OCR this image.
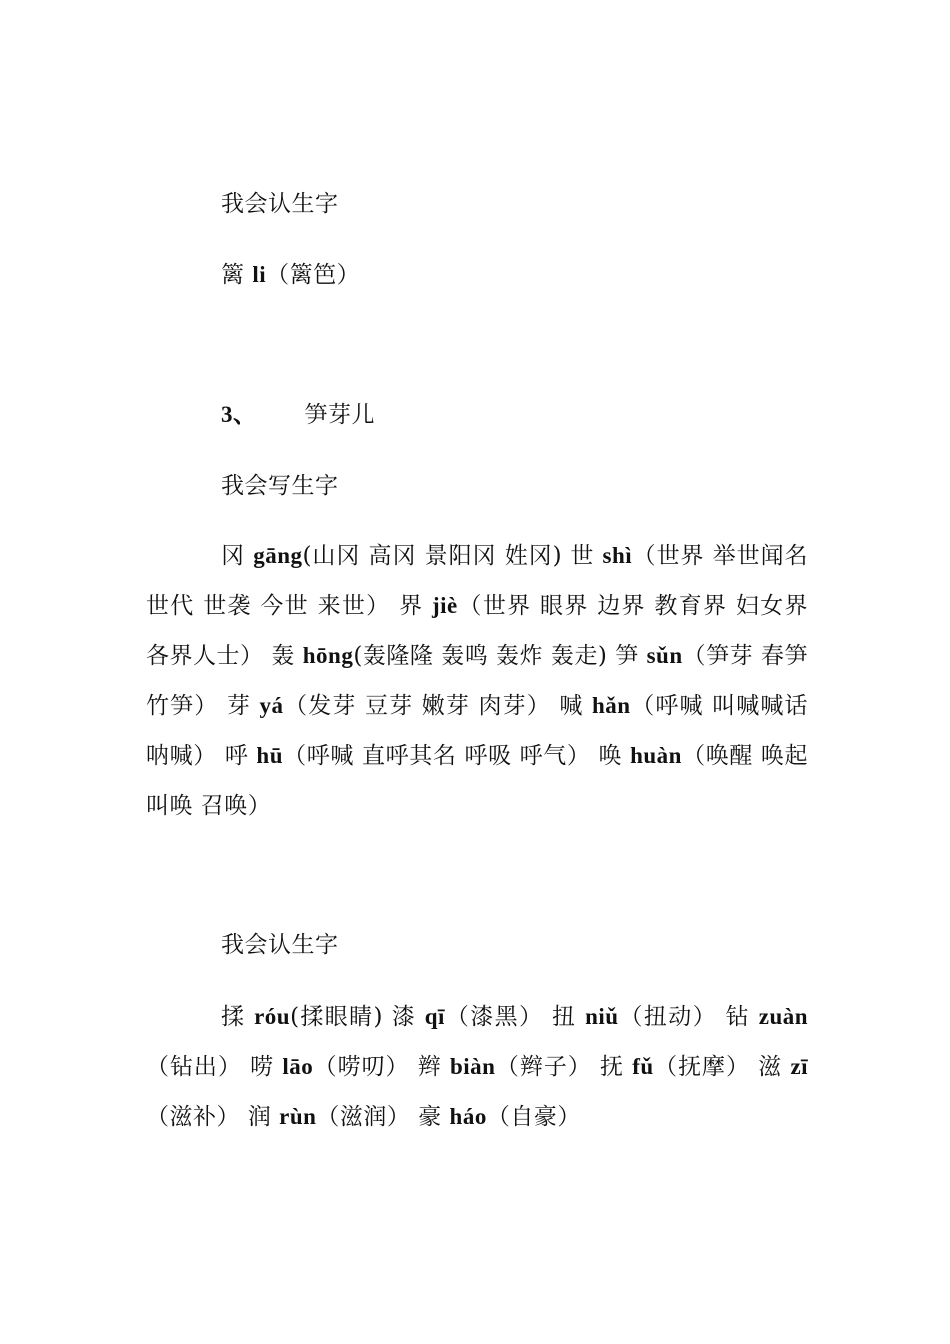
我会认生字

篱 li（篱笆）

3、 笋芽儿

我会写生字

冈 gāng(山冈 高冈 景阳冈 姓冈) 世 shì（世界 举世闻名 世代 世袭 今世 来世） 界 jiè（世界 眼界 边界 教育界 妇女界 各界人士） 轰 hōng(轰隆隆 轰鸣 轰炸 轰走) 笋 sǔn（笋芽 春笋 竹笋） 芽 yá（发芽 豆芽 嫩芽 肉芽） 喊 hǎn（呼喊 叫喊喊话 呐喊） 呼 hū（呼喊 直呼其名 呼吸 呼气） 唤 huàn（唤醒 唤起 叫唤 召唤）

我会认生字

揉 róu(揉眼睛) 漆 qī（漆黑） 扭 niǔ（扭动） 钻 zuàn（钻出） 唠 lāo（唠叨） 辫 biàn（辫子） 抚 fǔ（抚摩） 滋 zī（滋补） 润 rùn（滋润） 豪 háo（自豪）
